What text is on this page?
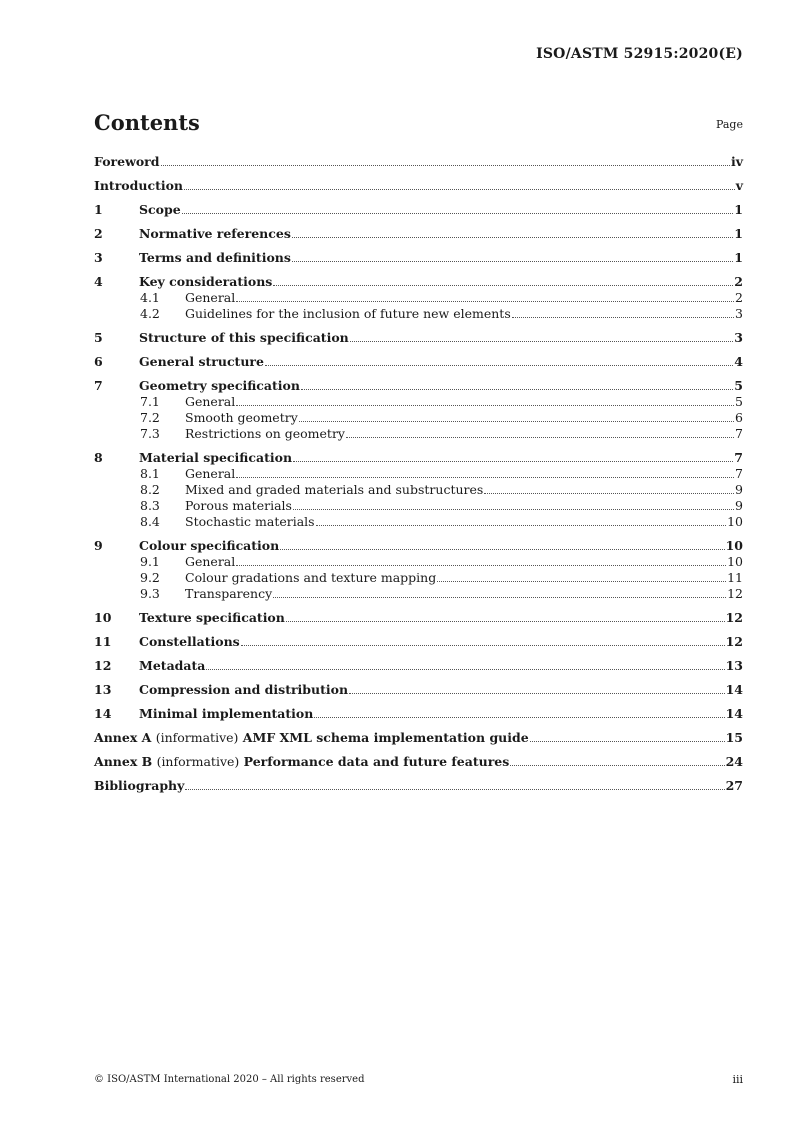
ISO/ASTM 52915:2020(E)
Contents	Page
Foreword	iv
Introduction	v
1	Scope	1
2	Normative references	1
3	Terms and definitions	1
4	Key considerations	2
4.1	General	2
4.2	Guidelines for the inclusion of future new elements	3
5	Structure of this specification	3
6	General structure	4
7	Geometry specification	5
7.1	General	5
7.2	Smooth geometry	6
7.3	Restrictions on geometry	7
8	Material specification	7
8.1	General	7
8.2	Mixed and graded materials and substructures	9
8.3	Porous materials	9
8.4	Stochastic materials	10
9	Colour specification	10
9.1	General	10
9.2	Colour gradations and texture mapping	11
9.3	Transparency	12
10	Texture specification	12
11	Constellations	12
12	Metadata	13
13	Compression and distribution	14
14	Minimal implementation	14
Annex A (informative) AMF XML schema implementation guide	15
Annex B (informative) Performance data and future features	24
Bibliography	27
© ISO/ASTM International 2020 – All rights reserved	iii
